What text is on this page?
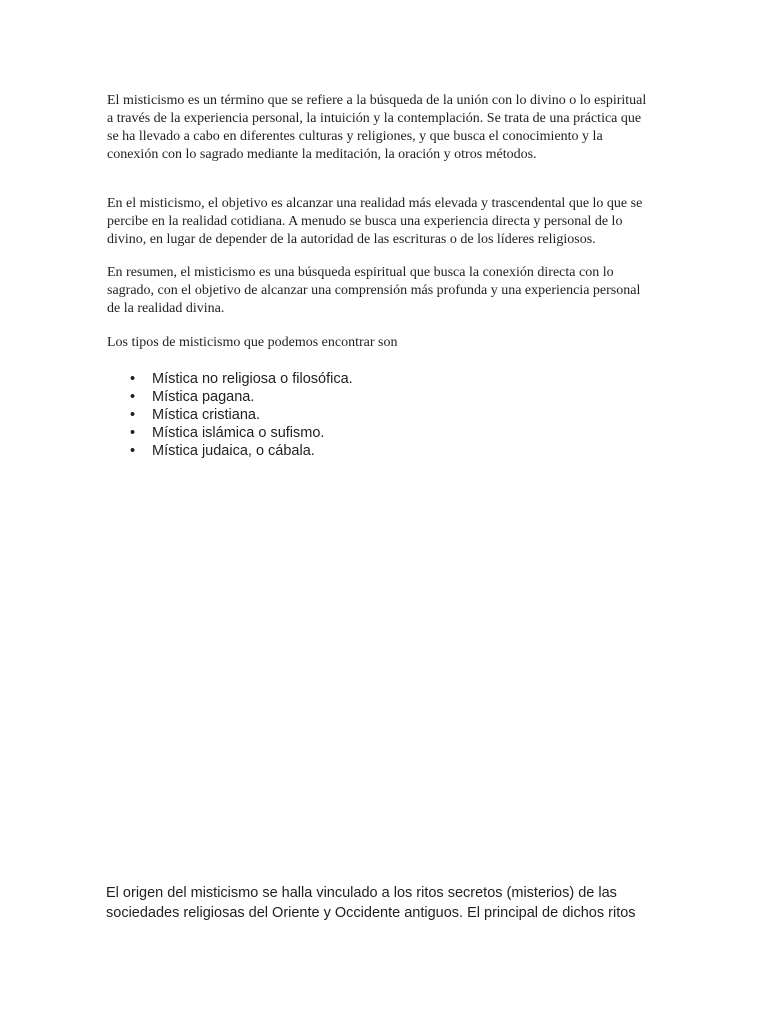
El misticismo es un término que se refiere a la búsqueda de la unión con lo divino o lo espiritual a través de la experiencia personal, la intuición y la contemplación. Se trata de una práctica que se ha llevado a cabo en diferentes culturas y religiones, y que busca el conocimiento y la conexión con lo sagrado mediante la meditación, la oración y otros métodos.

En el misticismo, el objetivo es alcanzar una realidad más elevada y trascendental que lo que se percibe en la realidad cotidiana. A menudo se busca una experiencia directa y personal de lo divino, en lugar de depender de la autoridad de las escrituras o de los líderes religiosos.

En resumen, el misticismo es una búsqueda espiritual que busca la conexión directa con lo sagrado, con el objetivo de alcanzar una comprensión más profunda y una experiencia personal de la realidad divina.

Los tipos de misticismo que podemos encontrar son

• Mística no religiosa o filosófica.
• Mística pagana.
• Mística cristiana.
• Mística islámica o sufismo.
• Mística judaica, o cábala.

El origen del misticismo se halla vinculado a los ritos secretos (misterios) de las sociedades religiosas del Oriente y Occidente antiguos. El principal de dichos ritos
